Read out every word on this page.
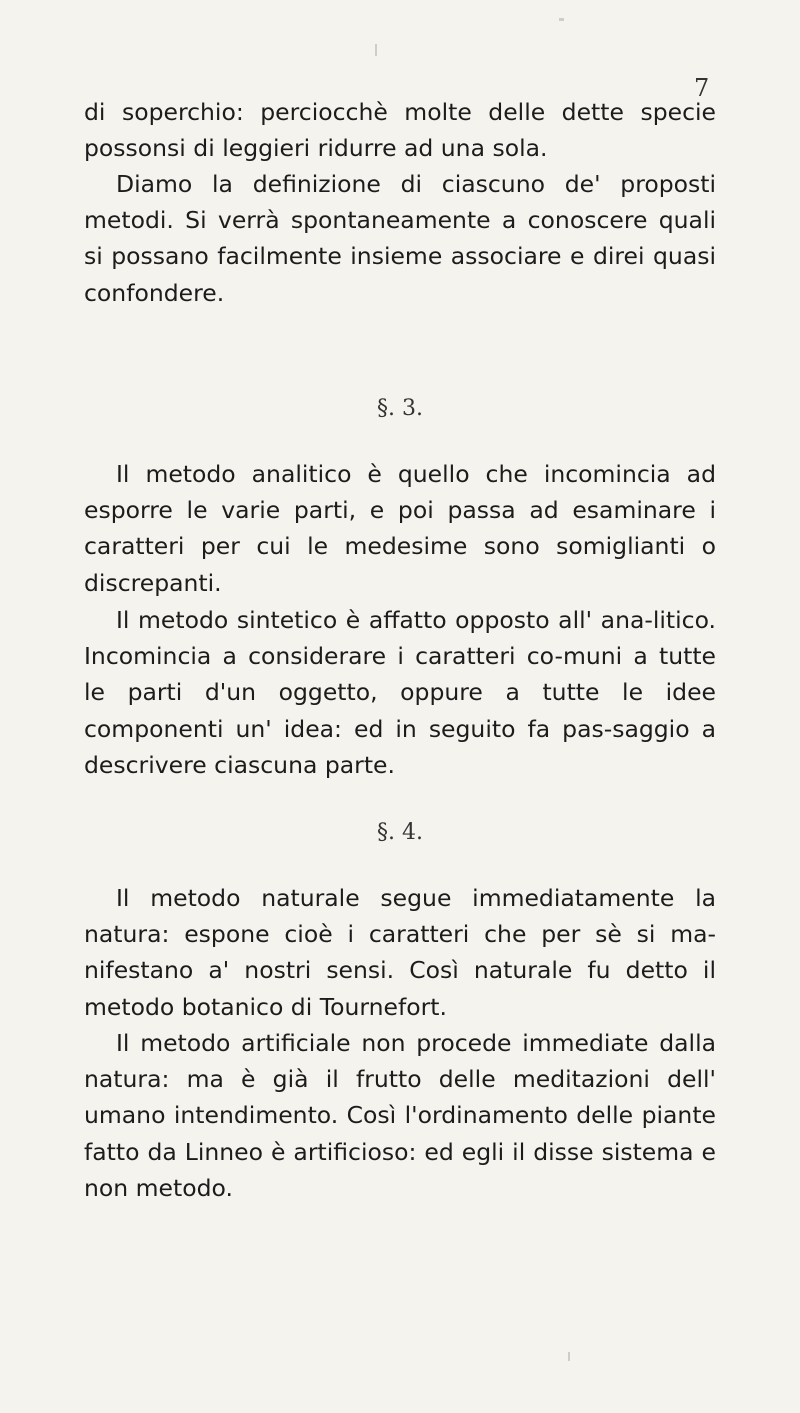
7

di soperchio: perciocchè molte delle dette specie possonsi di leggieri ridurre ad una sola.

Diamo la definizione di ciascuno de' proposti metodi. Si verrà spontaneamente a conoscere quali si possano facilmente insieme associare e direi quasi confondere.

§. 3.

Il metodo analitico è quello che incomincia ad esporre le varie parti, e poi passa ad esaminare i caratteri per cui le medesime sono somiglianti o discrepanti.

Il metodo sintetico è affatto opposto all' ana-litico. Incomincia a considerare i caratteri co-muni a tutte le parti d'un oggetto, oppure a tutte le idee componenti un' idea: ed in seguito fa pas-saggio a descrivere ciascuna parte.

§. 4.

Il metodo naturale segue immediatamente la natura: espone cioè i caratteri che per sè si ma-nifestano a' nostri sensi. Così naturale fu detto il metodo botanico di Tournefort.

Il metodo artificiale non procede immediate dalla natura: ma è già il frutto delle meditazioni dell' umano intendimento. Così l'ordinamento delle piante fatto da Linneo è artificioso: ed egli il disse sistema e non metodo.
